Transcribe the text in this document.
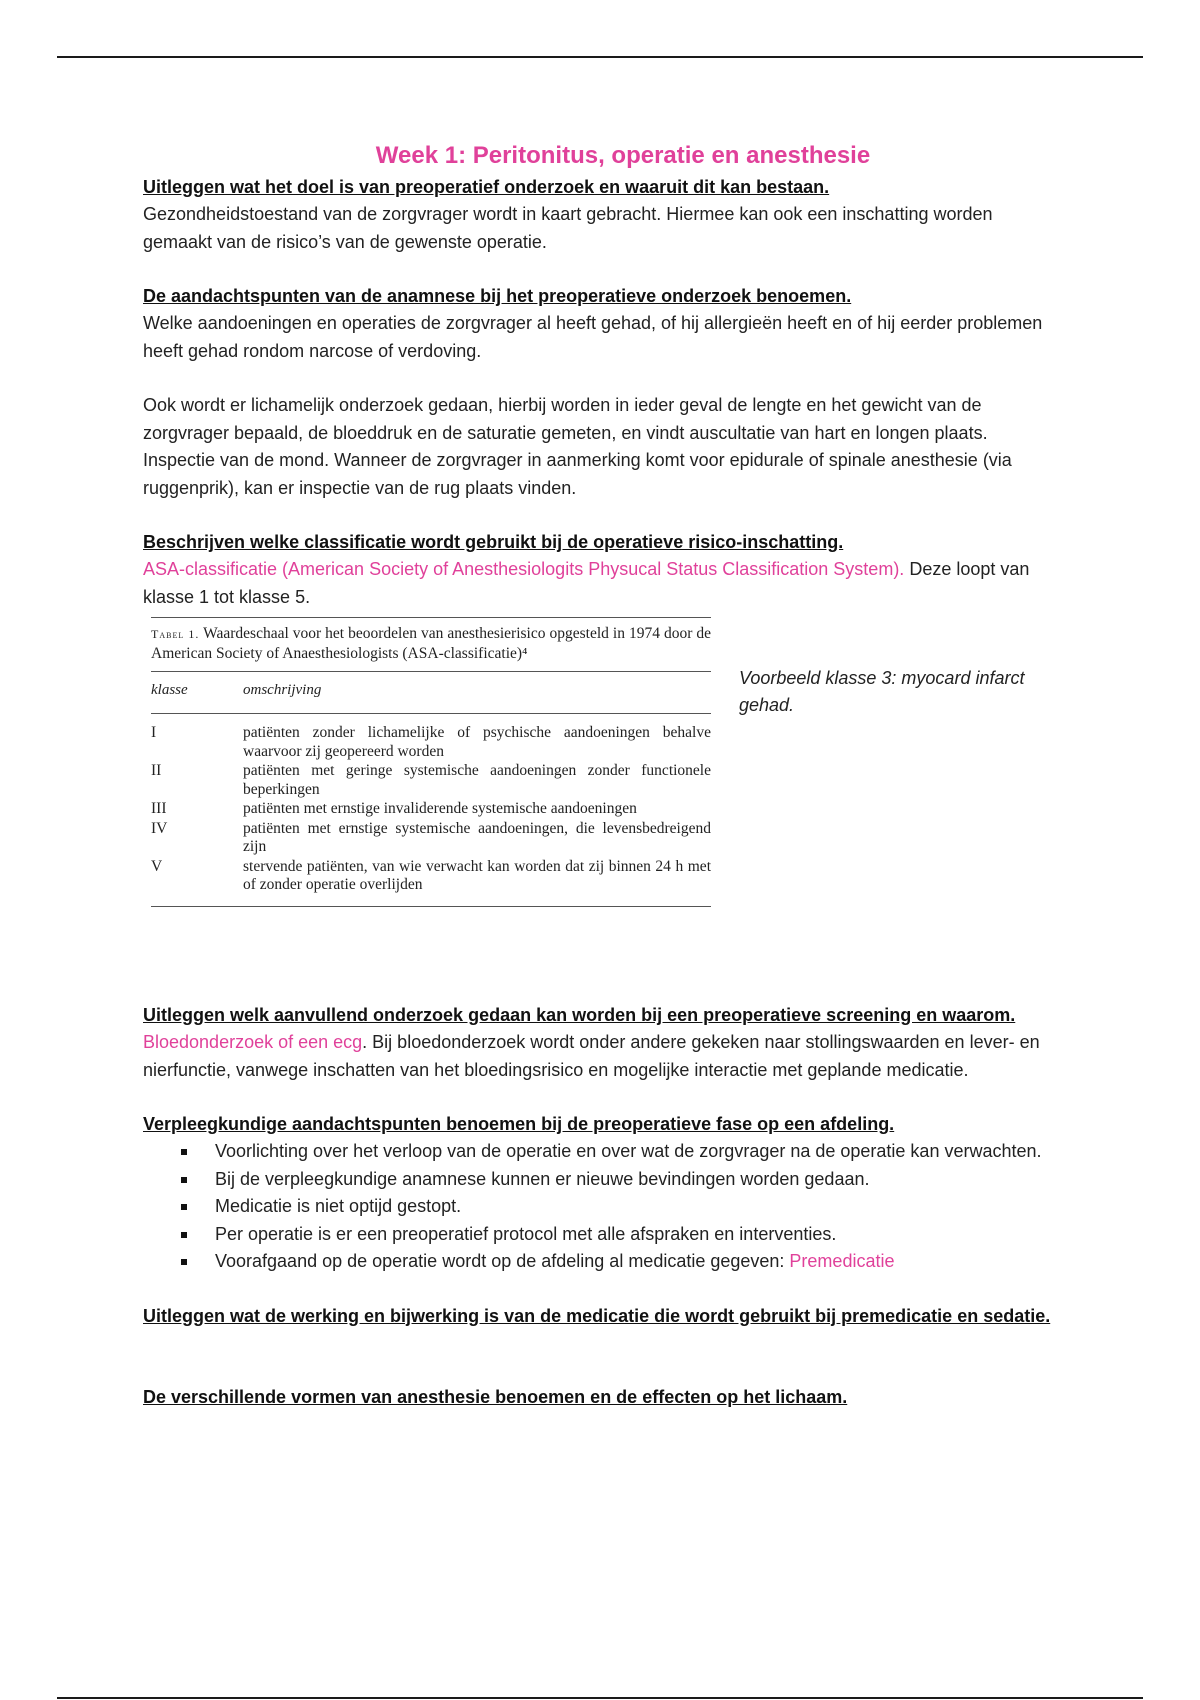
Week 1: Peritonitus, operatie en anesthesie

Uitleggen wat het doel is van preoperatief onderzoek en waaruit dit kan bestaan.

Gezondheidstoestand van de zorgvrager wordt in kaart gebracht. Hiermee kan ook een inschatting worden gemaakt van de risico’s van de gewenste operatie.

De aandachtspunten van de anamnese bij het preoperatieve onderzoek benoemen.

Welke aandoeningen en operaties de zorgvrager al heeft gehad, of hij allergieën heeft en of hij eerder problemen heeft gehad rondom narcose of verdoving.

Ook wordt er lichamelijk onderzoek gedaan, hierbij worden in ieder geval de lengte en het gewicht van de zorgvrager bepaald, de bloeddruk en de saturatie gemeten, en vindt auscultatie van hart en longen plaats. Inspectie van de mond. Wanneer de zorgvrager in aanmerking komt voor epidurale of spinale anesthesie (via ruggenprik), kan er inspectie van de rug plaats vinden.

Beschrijven welke classificatie wordt gebruikt bij de operatieve risico-inschatting.

ASA-classificatie (American Society of Anesthesiologits Physucal Status Classification System). Deze loopt van klasse 1 tot klasse 5.

Tabel 1. Waardeschaal voor het beoordelen van anesthesierisico opgesteld in 1974 door de American Society of Anaesthesiologists (ASA-classificatie)⁴
klasse	omschrijving
I	patiënten zonder lichamelijke of psychische aandoeningen behalve waarvoor zij geopereerd worden
II	patiënten met geringe systemische aandoeningen zonder functionele beperkingen
III	patiënten met ernstige invaliderende systemische aandoeningen
IV	patiënten met ernstige systemische aandoeningen, die levensbedreigend zijn
V	stervende patiënten, van wie verwacht kan worden dat zij binnen 24 h met of zonder operatie overlijden
Voorbeeld klasse 3: myocard infarct gehad.

Uitleggen welk aanvullend onderzoek gedaan kan worden bij een preoperatieve screening en waarom.

Bloedonderzoek of een ecg. Bij bloedonderzoek wordt onder andere gekeken naar stollingswaarden en lever- en nierfunctie, vanwege inschatten van het bloedingsrisico en mogelijke interactie met geplande medicatie.

Verpleegkundige aandachtspunten benoemen bij de preoperatieve fase op een afdeling.

Voorlichting over het verloop van de operatie en over wat de zorgvrager na de operatie kan verwachten.
Bij de verpleegkundige anamnese kunnen er nieuwe bevindingen worden gedaan.
Medicatie is niet optijd gestopt.
Per operatie is er een preoperatief protocol met alle afspraken en interventies.
Voorafgaand op de operatie wordt op de afdeling al medicatie gegeven: Premedicatie

Uitleggen wat de werking en bijwerking is van de medicatie die wordt gebruikt bij premedicatie en sedatie.

De verschillende vormen van anesthesie benoemen en de effecten op het lichaam.
